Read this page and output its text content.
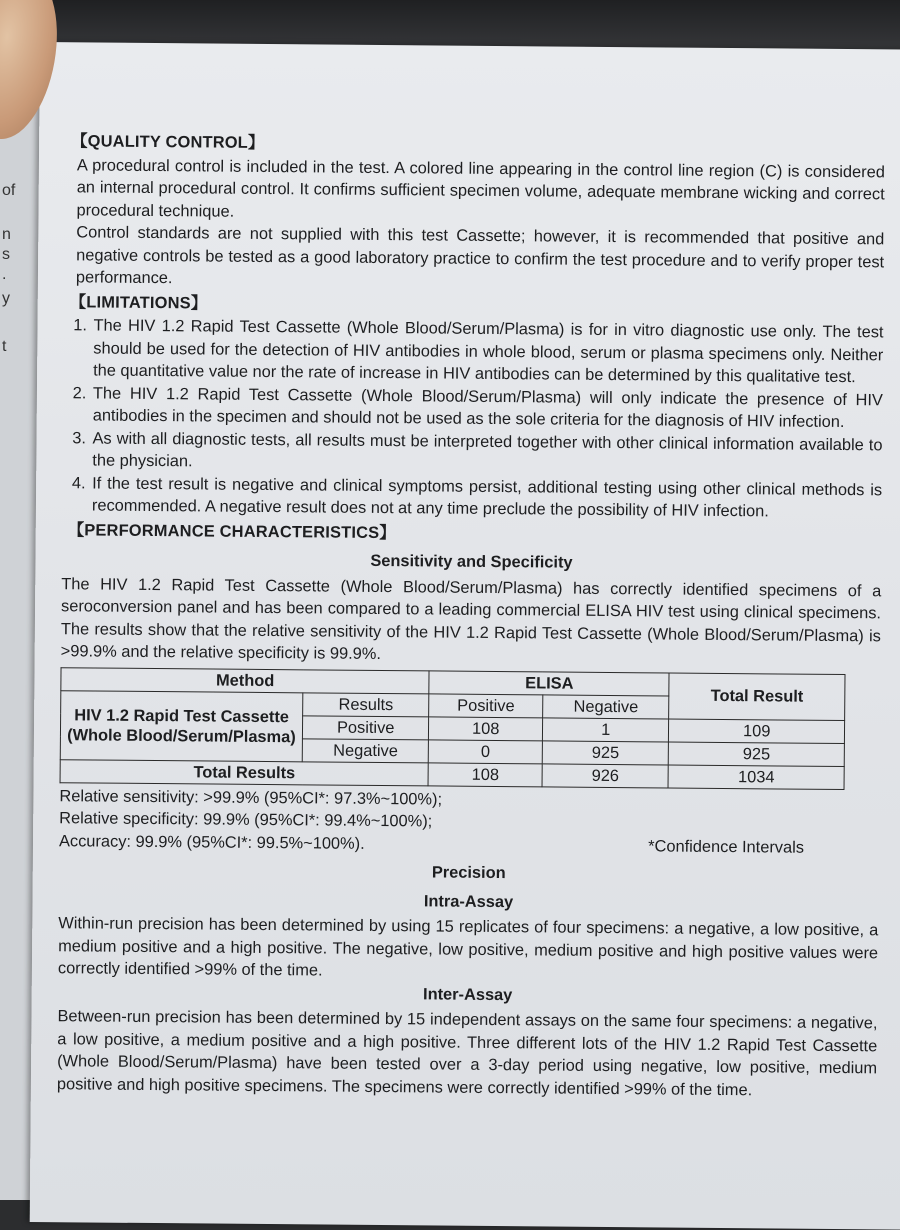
of
n
s
.
y
t
【QUALITY CONTROL】

A procedural control is included in the test. A colored line appearing in the control line region (C) is considered an internal procedural control. It confirms sufficient specimen volume, adequate membrane wicking and correct procedural technique.

Control standards are not supplied with this test Cassette; however, it is recommended that positive and negative controls be tested as a good laboratory practice to confirm the test procedure and to verify proper test performance.

【LIMITATIONS】
1. The HIV 1.2 Rapid Test Cassette (Whole Blood/Serum/Plasma) is for in vitro diagnostic use only. The test should be used for the detection of HIV antibodies in whole blood, serum or plasma specimens only. Neither the quantitative value nor the rate of increase in HIV antibodies can be determined by this qualitative test.
2. The HIV 1.2 Rapid Test Cassette (Whole Blood/Serum/Plasma) will only indicate the presence of HIV antibodies in the specimen and should not be used as the sole criteria for the diagnosis of HIV infection.
3. As with all diagnostic tests, all results must be interpreted together with other clinical information available to the physician.
4. If the test result is negative and clinical symptoms persist, additional testing using other clinical methods is recommended. A negative result does not at any time preclude the possibility of HIV infection.
【PERFORMANCE CHARACTERISTICS】
Sensitivity and Specificity

The HIV 1.2 Rapid Test Cassette (Whole Blood/Serum/Plasma) has correctly identified specimens of a seroconversion panel and has been compared to a leading commercial ELISA HIV test using clinical specimens. The results show that the relative sensitivity of the HIV 1.2 Rapid Test Cassette (Whole Blood/Serum/Plasma) is >99.9% and the relative specificity is 99.9%.

Method		ELISA		Total Result
HIV 1.2 Rapid Test Cassette (Whole Blood/Serum/Plasma)	Results	Positive	Negative	
	Positive	108	1	109
	Negative	0	925	925
Total Results		108	926	1034
Relative sensitivity: >99.9% (95%CI*: 97.3%~100%);
Relative specificity: 99.9% (95%CI*: 99.4%~100%);
Accuracy: 99.9% (95%CI*: 99.5%~100%).	*Confidence Intervals
Precision
Intra-Assay

Within-run precision has been determined by using 15 replicates of four specimens: a negative, a low positive, a medium positive and a high positive. The negative, low positive, medium positive and high positive values were correctly identified >99% of the time.

Inter-Assay

Between-run precision has been determined by 15 independent assays on the same four specimens: a negative, a low positive, a medium positive and a high positive. Three different lots of the HIV 1.2 Rapid Test Cassette (Whole Blood/Serum/Plasma) have been tested over a 3-day period using negative, low positive, medium positive and high positive specimens. The specimens were correctly identified >99% of the time.
